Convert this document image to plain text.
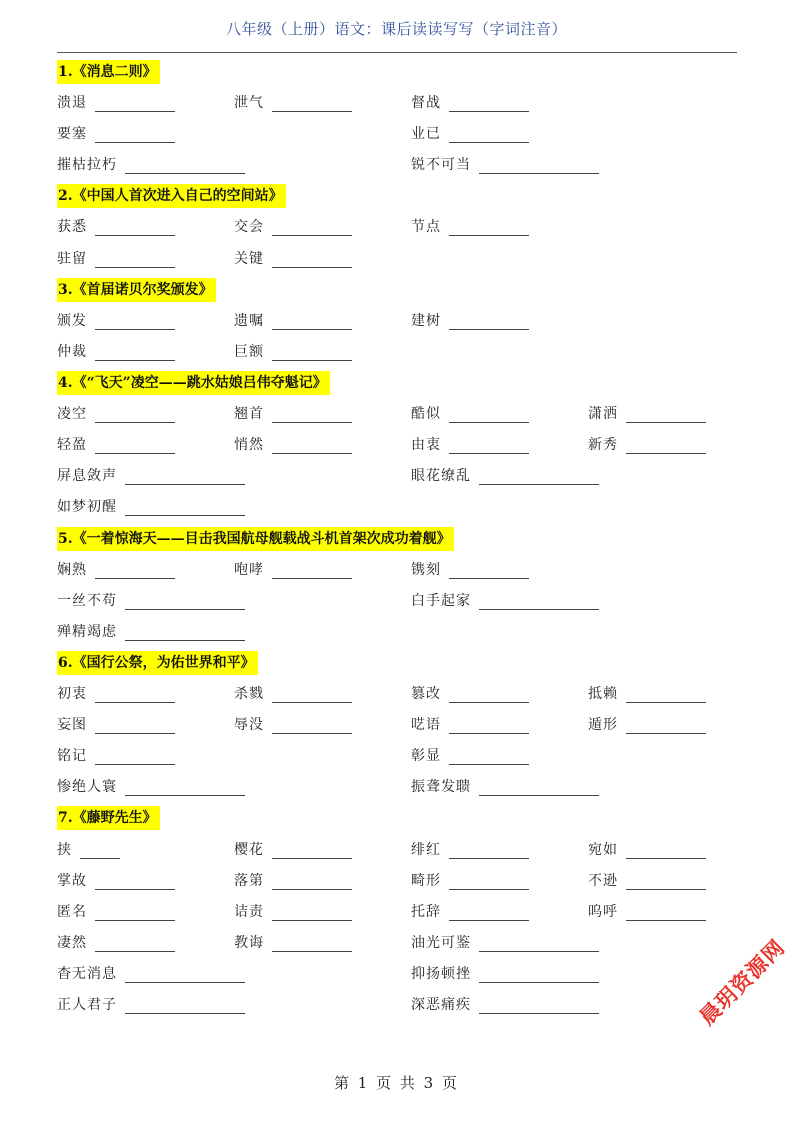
八年级（上册）语文：课后读读写写（字词注音）
1.《消息二则》
溃退	泄气	督战
要塞	业已
摧枯拉朽	锐不可当
2.《中国人首次进入自己的空间站》
获悉	交会	节点
驻留	关键
3.《首届诺贝尔奖颁发》
颁发	遗嘱	建树
仲裁	巨额
4.《“飞天”凌空——跳水姑娘吕伟夺魁记》
凌空	翘首	酷似	潇洒
轻盈	悄然	由衷	新秀
屏息敛声	眼花缭乱
如梦初醒
5.《一着惊海天——目击我国航母舰载战斗机首架次成功着舰》
娴熟	咆哮	镌刻
一丝不苟	白手起家
殚精竭虑
6.《国行公祭，为佑世界和平》
初衷	杀戮	篡改	抵赖
妄图	辱没	呓语	遁形
铭记	彰显
惨绝人寰	振聋发聩
7.《藤野先生》
挟	樱花	绯红	宛如
掌故	落第	畸形	不逊
匿名	诘责	托辞	呜呼
凄然	教诲	油光可鉴
杳无消息	抑扬顿挫
正人君子	深恶痛疾
第 1 页 共 3 页
晨玥资源网
